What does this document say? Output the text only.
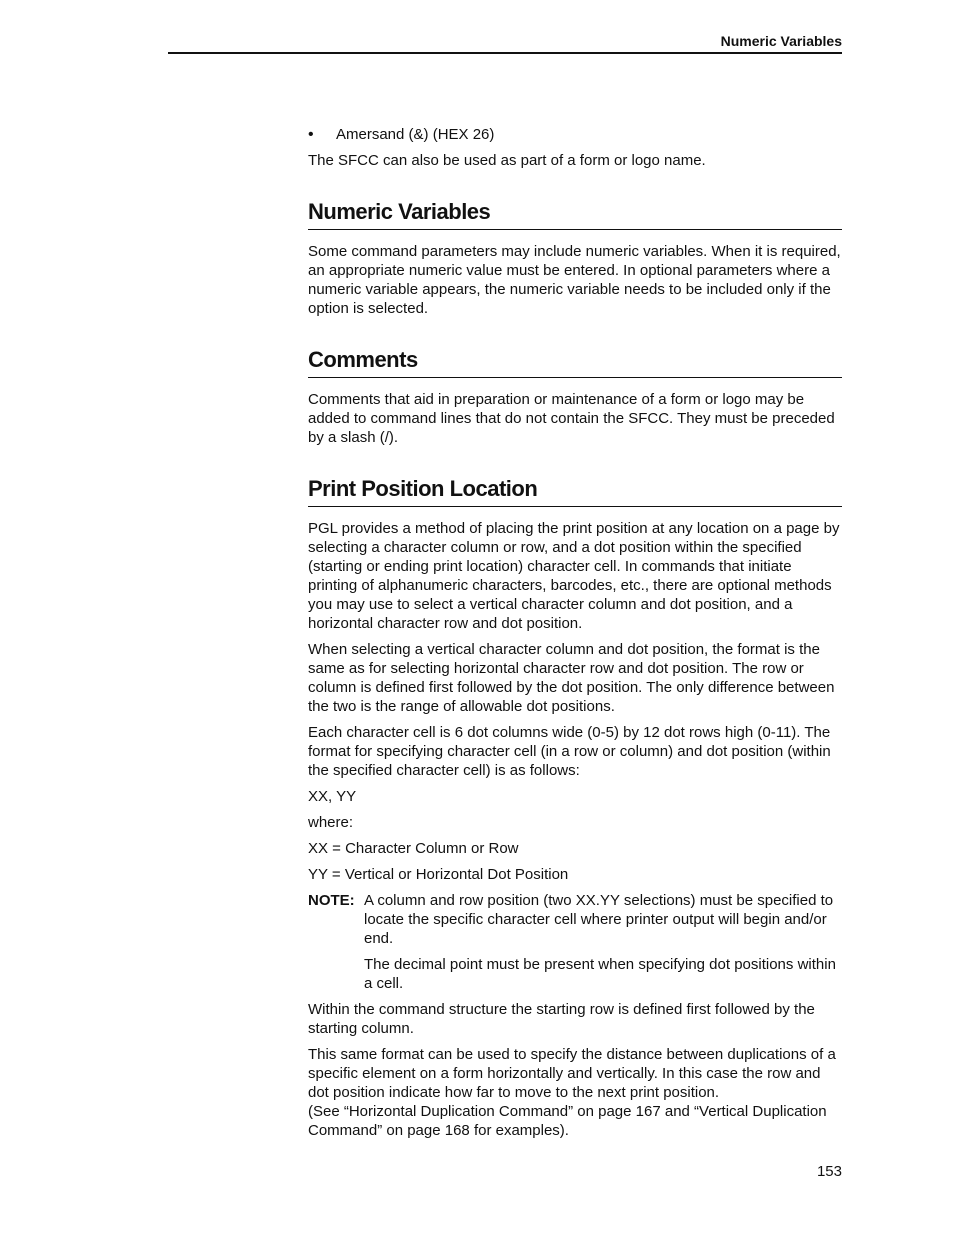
Numeric Variables
• Amersand (&) (HEX 26)

The SFCC can also be used as part of a form or logo name.

Numeric Variables

Some command parameters may include numeric variables. When it is required, an appropriate numeric value must be entered. In optional parameters where a numeric variable appears, the numeric variable needs to be included only if the option is selected.

Comments

Comments that aid in preparation or maintenance of a form or logo may be added to command lines that do not contain the SFCC. They must be preceded by a slash (/).

Print Position Location

PGL provides a method of placing the print position at any location on a page by selecting a character column or row, and a dot position within the specified (starting or ending print location) character cell. In commands that initiate printing of alphanumeric characters, barcodes, etc., there are optional methods you may use to select a vertical character column and dot position, and a horizontal character row and dot position.

When selecting a vertical character column and dot position, the format is the same as for selecting horizontal character row and dot position. The row or column is defined first followed by the dot position. The only difference between the two is the range of allowable dot positions.

Each character cell is 6 dot columns wide (0-5) by 12 dot rows high (0-11). The format for specifying character cell (in a row or column) and dot position (within the specified character cell) is as follows:

XX, YY

where:

XX = Character Column or Row

YY = Vertical or Horizontal Dot Position

NOTE: A column and row position (two XX.YY selections) must be specified to locate the specific character cell where printer output will begin and/or end.

The decimal point must be present when specifying dot positions within a cell.

Within the command structure the starting row is defined first followed by the starting column.

This same format can be used to specify the distance between duplications of a specific element on a form horizontally and vertically. In this case the row and dot position indicate how far to move to the next print position.

(See “Horizontal Duplication Command” on page 167 and “Vertical Duplication Command” on page 168 for examples).

153
